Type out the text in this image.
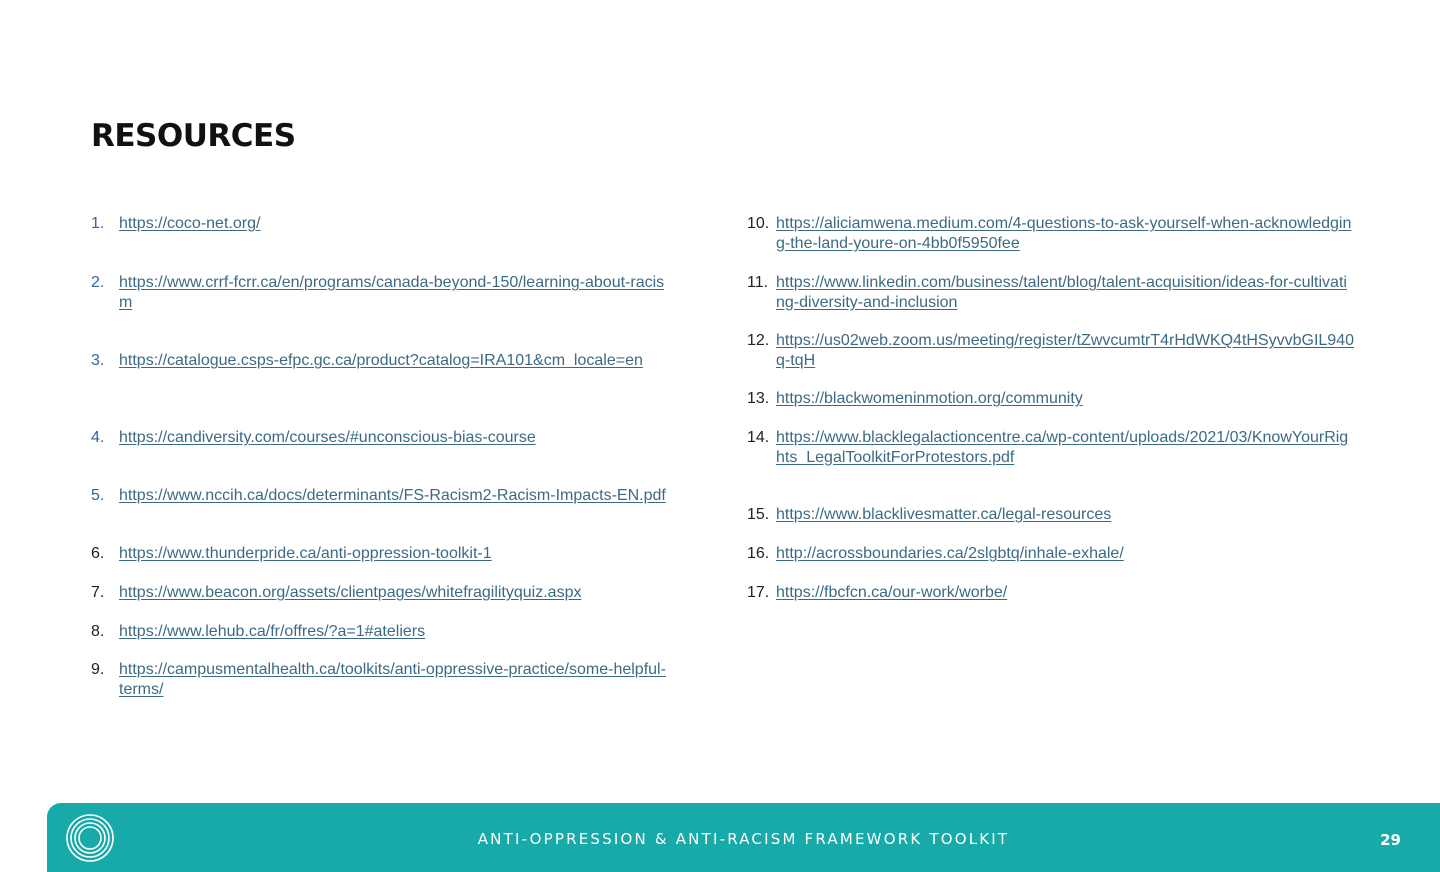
RESOURCES
1. https://coco-net.org/
2. https://www.crrf-fcrr.ca/en/programs/canada-beyond-150/learning-about-racism
3. https://catalogue.csps-efpc.gc.ca/product?catalog=IRA101&cm_locale=en
4. https://candiversity.com/courses/#unconscious-bias-course
5. https://www.nccih.ca/docs/determinants/FS-Racism2-Racism-Impacts-EN.pdf
6. https://www.thunderpride.ca/anti-oppression-toolkit-1
7. https://www.beacon.org/assets/clientpages/whitefragilityquiz.aspx
8. https://www.lehub.ca/fr/offres/?a=1#ateliers
9. https://campusmentalhealth.ca/toolkits/anti-oppressive-practice/some-helpful-terms/
10. https://aliciamwena.medium.com/4-questions-to-ask-yourself-when-acknowledging-the-land-youre-on-4bb0f5950fee
11. https://www.linkedin.com/business/talent/blog/talent-acquisition/ideas-for-cultivating-diversity-and-inclusion
12. https://us02web.zoom.us/meeting/register/tZwvcumtrT4rHdWKQ4tHSyvvbGIL940q-tqH
13. https://blackwomeninmotion.org/community
14. https://www.blacklegalactioncentre.ca/wp-content/uploads/2021/03/KnowYourRights_LegalToolkitForProtestors.pdf
15. https://www.blacklivesmatter.ca/legal-resources
16. http://acrossboundaries.ca/2slgbtq/inhale-exhale/
17. https://fbcfcn.ca/our-work/worbe/
ANTI-OPPRESSION & ANTI-RACISM FRAMEWORK TOOLKIT	29
